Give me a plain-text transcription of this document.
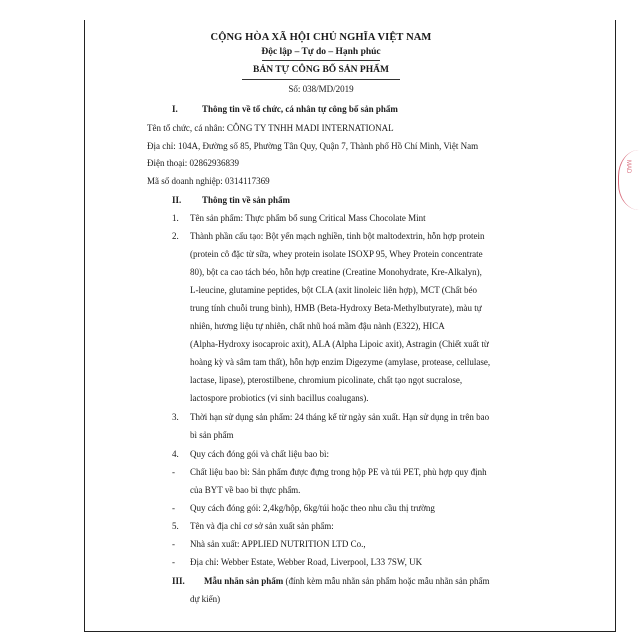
CỘNG HÒA XÃ HỘI CHỦ NGHĨA VIỆT NAM
Độc lập – Tự do – Hạnh phúc
BẢN TỰ CÔNG BỐ SẢN PHẨM
Số: 038/MD/2019
I.	Thông tin về tổ chức, cá nhân tự công bố sản phẩm
Tên tổ chức, cá nhân: CÔNG TY TNHH MADI INTERNATIONAL
Địa chỉ: 104A, Đường số 85, Phường Tân Quy, Quận 7, Thành phố Hồ Chí Minh, Việt Nam
Điện thoại: 02862936839
Mã số doanh nghiệp: 0314117369
II. Thông tin về sản phẩm
1. Tên sản phẩm: Thực phẩm bổ sung Critical Mass Chocolate Mint
2. Thành phần cấu tạo: Bột yến mạch nghiền, tinh bột maltodextrin, hỗn hợp protein
(protein cô đặc từ sữa, whey protein isolate ISOXP 95, Whey Protein concentrate
80), bột ca cao tách béo, hỗn hợp creatine (Creatine Monohydrate, Kre-Alkalyn),
L-leucine, glutamine peptides, bột CLA (axit linoleic liên hợp), MCT (Chất béo
trung tính chuỗi trung bình), HMB (Beta-Hydroxy Beta-Methylbutyrate), màu tự
nhiên, hương liệu tự nhiên, chất nhũ hoá mầm đậu nành (E322), HICA
(Alpha-Hydroxy isocaproic axit), ALA (Alpha Lipoic axit), Astragin (Chiết xuất từ
hoàng kỳ và sâm tam thất), hỗn hợp enzim Digezyme (amylase, protease, cellulase,
lactase, lipase), pterostilbene, chromium picolinate, chất tạo ngọt sucralose,
lactospore probiotics (vi sinh bacillus coalugans).
3. Thời hạn sử dụng sản phẩm: 24 tháng kể từ ngày sản xuất. Hạn sử dụng in trên bao
bì sản phẩm
4. Quy cách đóng gói và chất liệu bao bì:
- Chất liệu bao bì: Sản phẩm được đựng trong hộp PE và túi PET, phù hợp quy định
của BYT về bao bì thực phẩm.
- Quy cách đóng gói: 2,4kg/hộp, 6kg/túi hoặc theo nhu cầu thị trường
5. Tên và địa chỉ cơ sở sản xuất sản phẩm:
- Nhà sản xuất: APPLIED NUTRITION LTD Co.,
- Địa chỉ: Webber Estate, Webber Road, Liverpool, L33 7SW, UK
III. Mẫu nhãn sản phẩm (đính kèm mẫu nhãn sản phẩm hoặc mẫu nhãn sản phẩm
dự kiến)
MAD
